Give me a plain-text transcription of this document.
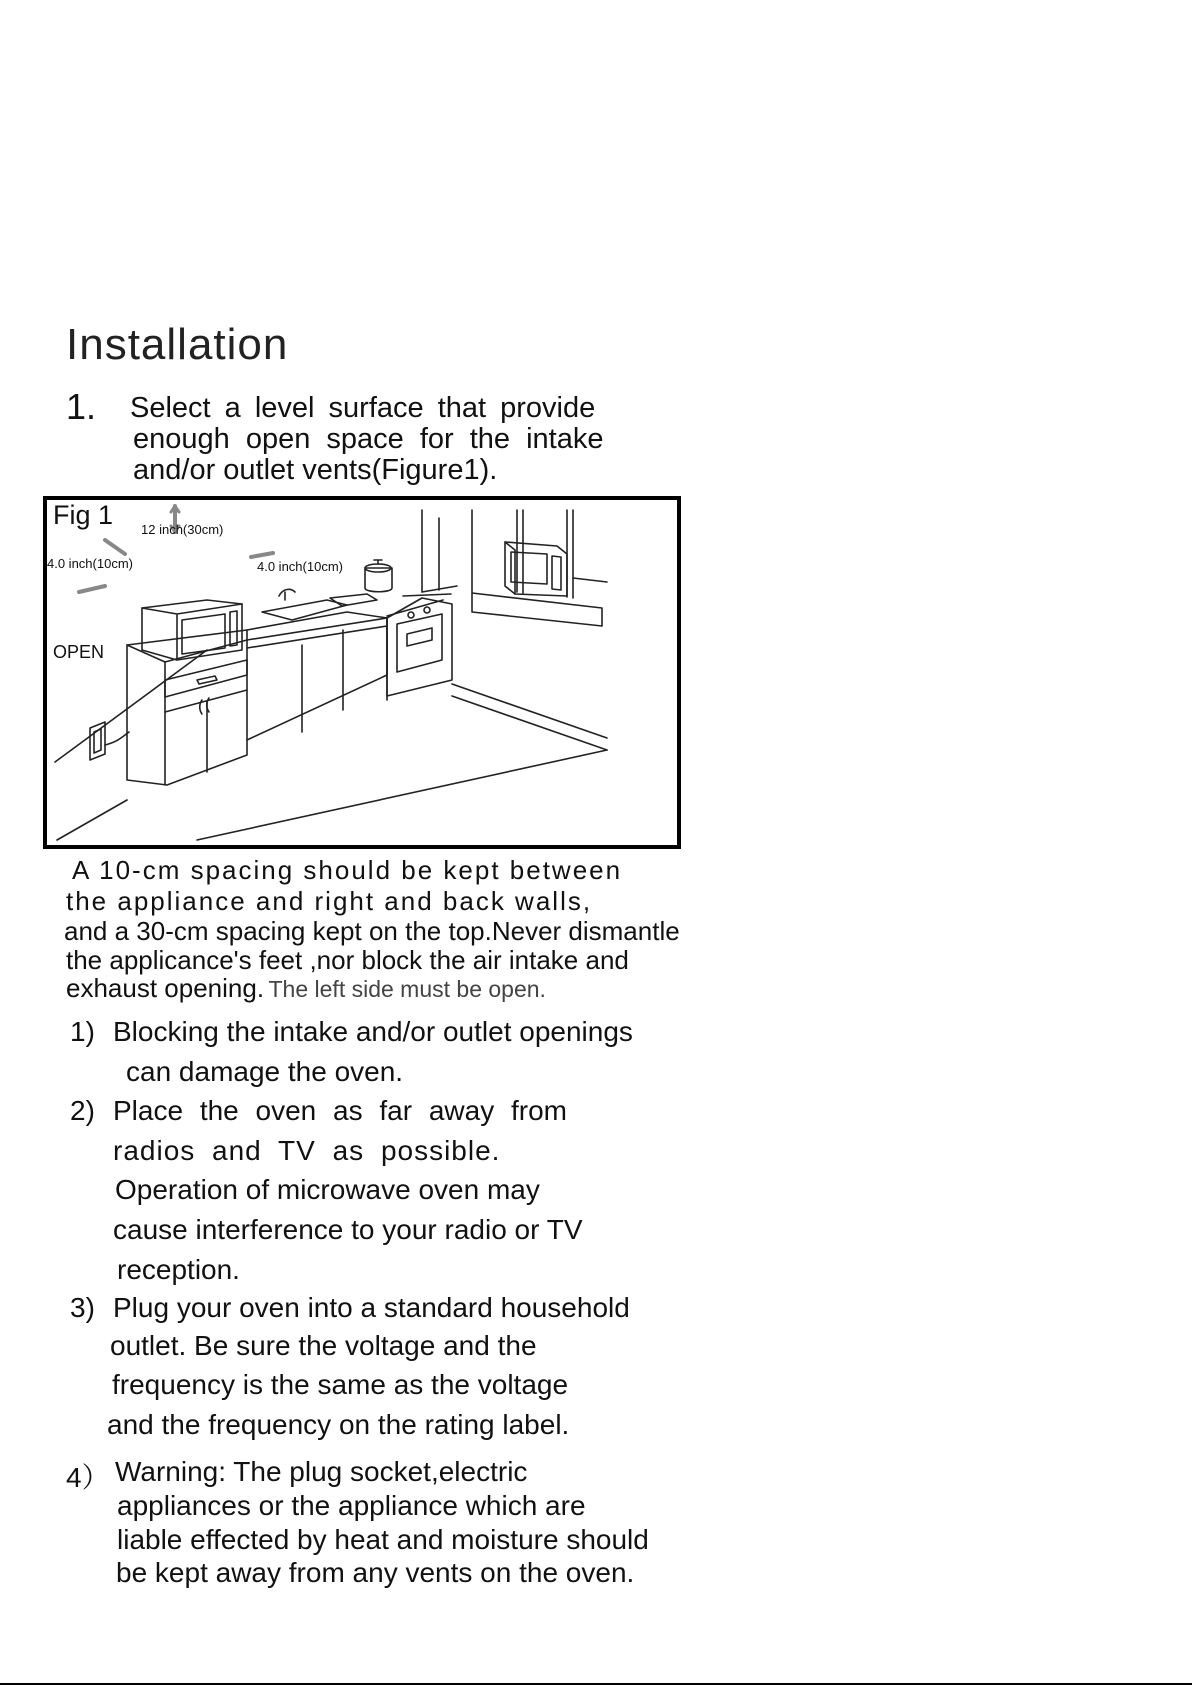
Installation
1. Select a level surface that provide
enough open space for the intake
and/or outlet vents(Figure1).
Fig 1 12 inch(30cm)
4.0 inch(10cm)	4.0 inch(10cm)
OPEN
A 10-cm spacing should be kept between
the appliance and right and back walls,
and a 30-cm spacing kept on the top.Never dismantle
the applicance's feet ,nor block the air intake and
exhaust opening. The left side must be open.
1) Blocking the intake and/or outlet openings
can damage the oven.
2) Place the oven as far away from
radios and TV as possible.
Operation of microwave oven may
cause interference to your radio or TV
reception.
3) Plug your oven into a standard household
outlet. Be sure the voltage and the
frequency is the same as the voltage
and the frequency on the rating label.
4） Warning: The plug socket,electric
appliances or the appliance which are
liable effected by heat and moisture should
be kept away from any vents on the oven.
